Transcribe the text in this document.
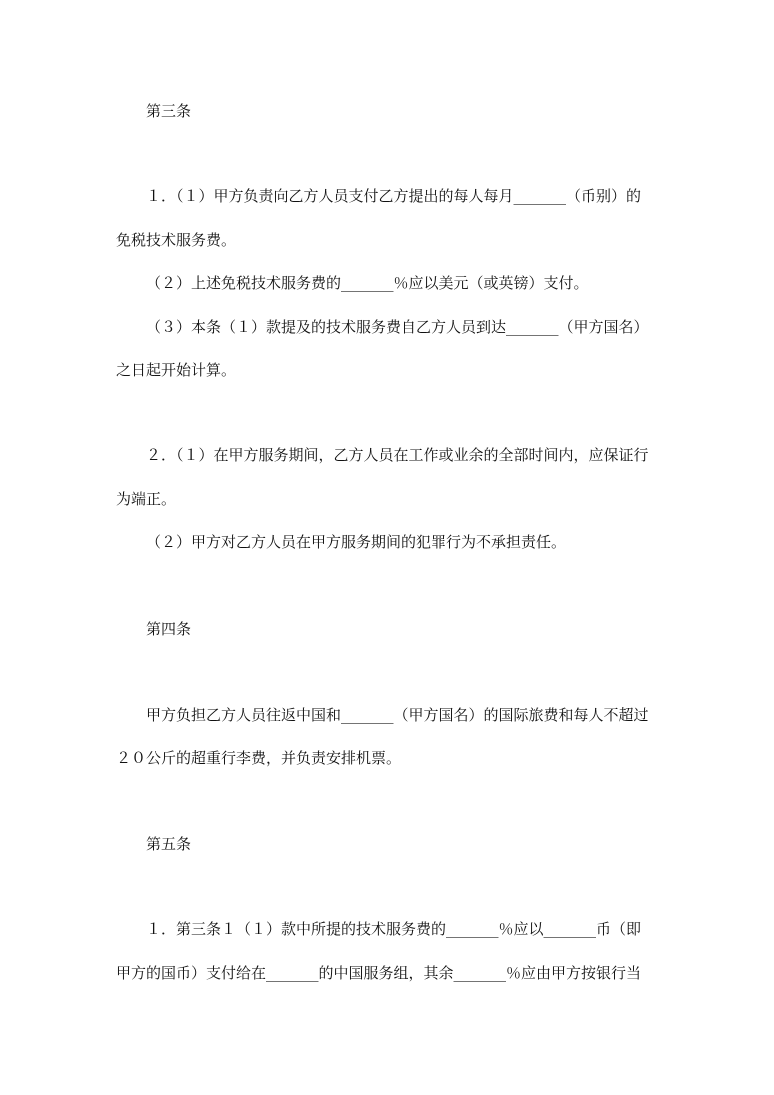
第三条
１．（１）甲方负责向乙方人员支付乙方提出的每人每月_______（币别）的
免税技术服务费。
（２）上述免税技术服务费的_______％应以美元（或英镑）支付。
（３）本条（１）款提及的技术服务费自乙方人员到达_______（甲方国名）
之日起开始计算。
２．（１）在甲方服务期间，乙方人员在工作或业余的全部时间内，应保证行
为端正。
（２）甲方对乙方人员在甲方服务期间的犯罪行为不承担责任。
第四条
甲方负担乙方人员往返中国和_______（甲方国名）的国际旅费和每人不超过
２０公斤的超重行李费，并负责安排机票。
第五条
１．第三条１（１）款中所提的技术服务费的_______％应以_______币（即
甲方的国币）支付给在_______的中国服务组，其余_______％应由甲方按银行当
